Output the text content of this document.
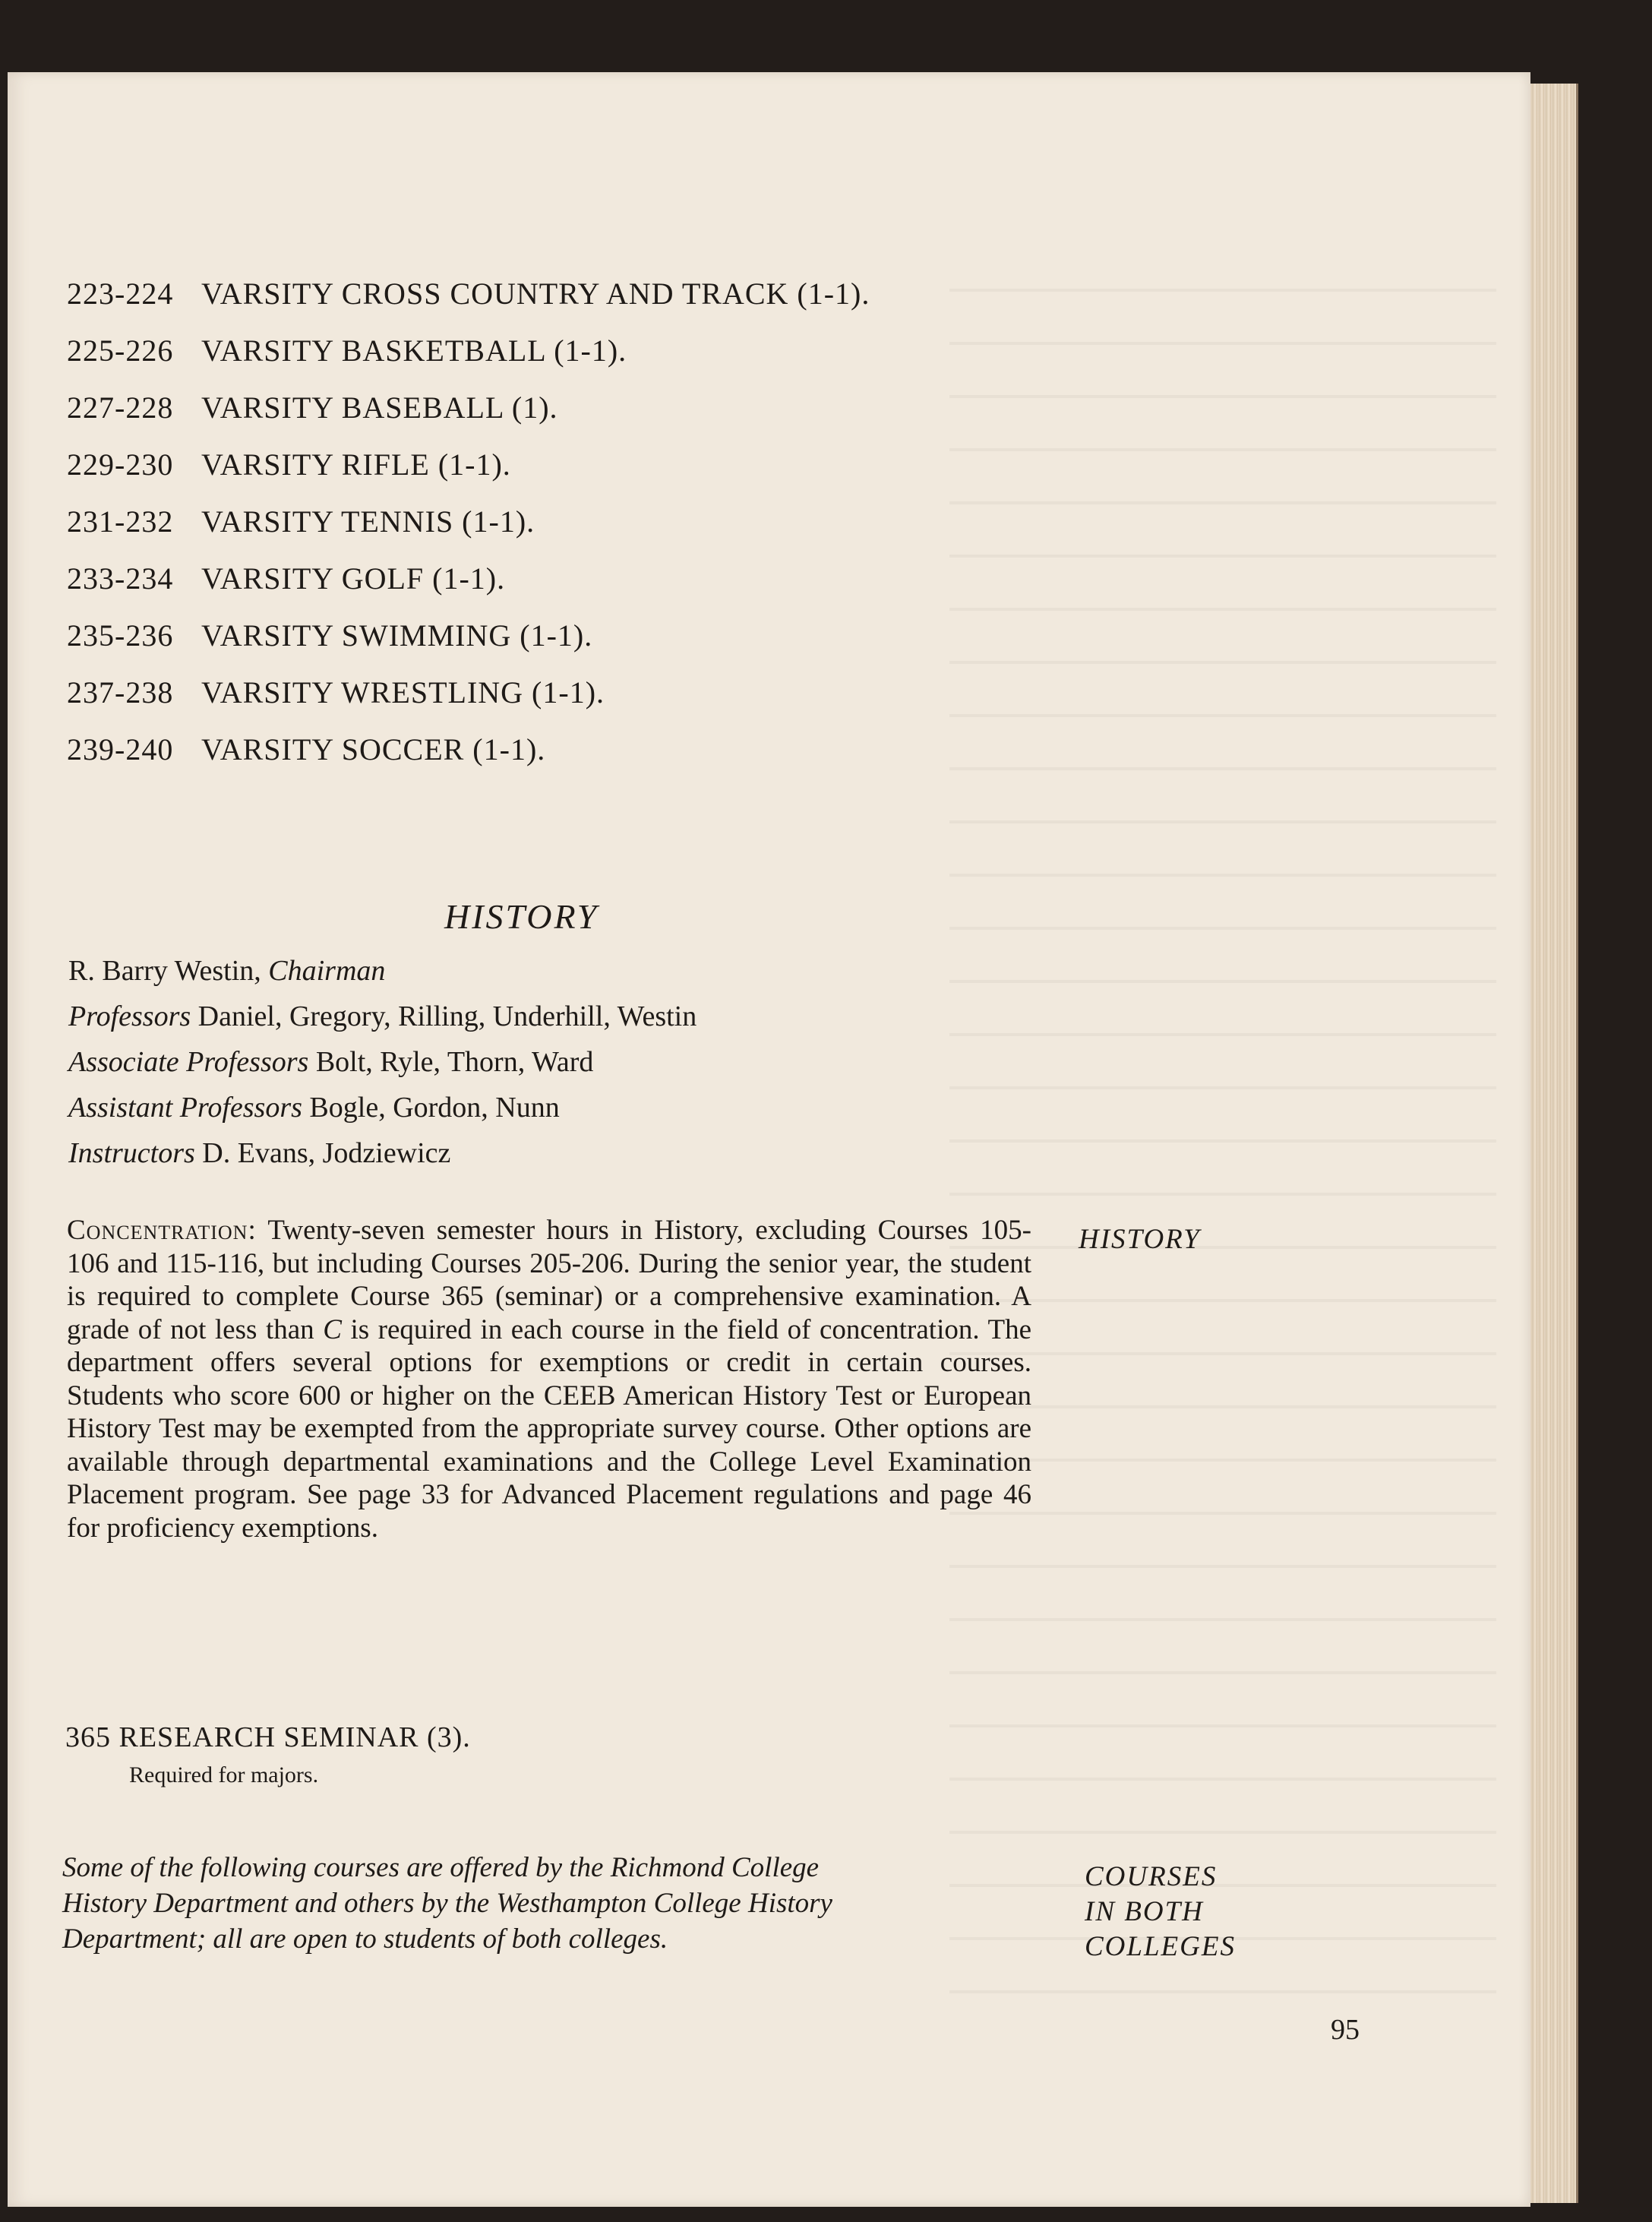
223-224 VARSITY CROSS COUNTRY AND TRACK (1-1).
225-226 VARSITY BASKETBALL (1-1).
227-228 VARSITY BASEBALL (1).
229-230 VARSITY RIFLE (1-1).
231-232 VARSITY TENNIS (1-1).
233-234 VARSITY GOLF (1-1).
235-236 VARSITY SWIMMING (1-1).
237-238 VARSITY WRESTLING (1-1).
239-240 VARSITY SOCCER (1-1).
HISTORY
R. Barry Westin, Chairman
Professors Daniel, Gregory, Rilling, Underhill, Westin
Associate Professors Bolt, Ryle, Thorn, Ward
Assistant Professors Bogle, Gordon, Nunn
Instructors D. Evans, Jodziewicz
Concentration: Twenty-seven semester hours in History, excluding Courses 105-106 and 115-116, but including Courses 205-206. During the senior year, the student is required to complete Course 365 (seminar) or a comprehensive examination. A grade of not less than C is required in each course in the field of concentration. The department offers several options for exemptions or credit in certain courses. Students who score 600 or higher on the CEEB American History Test or European History Test may be exempted from the appropriate survey course. Other options are available through departmental examinations and the College Level Examination Placement program. See page 33 for Advanced Placement regulations and page 46 for proficiency exemptions.
HISTORY
365 RESEARCH SEMINAR (3).
Required for majors.
Some of the following courses are offered by the Richmond College
History Department and others by the Westhampton College History
Department; all are open to students of both colleges.
COURSES
IN BOTH
COLLEGES
95
